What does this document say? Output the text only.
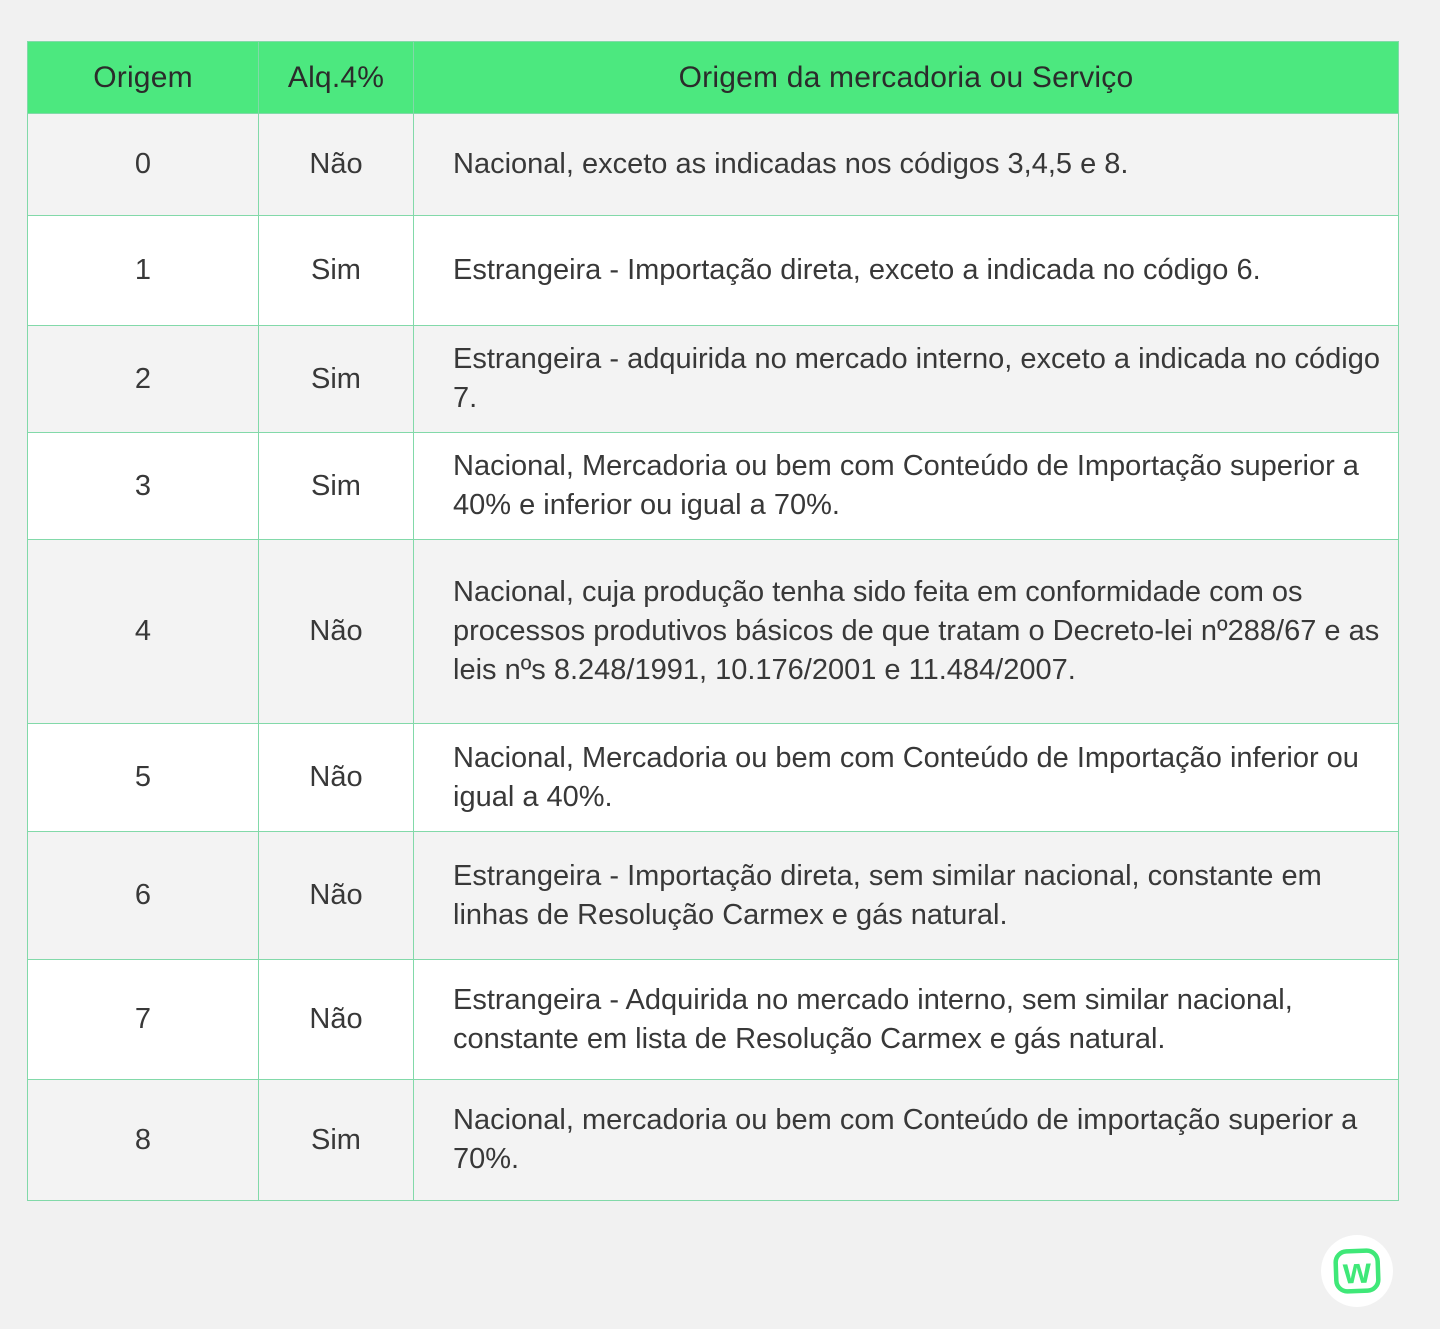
Origem	Alq.4%	Origem da mercadoria ou Serviço
0	Não	Nacional, exceto as indicadas nos códigos 3,4,5 e 8.
1	Sim	Estrangeira - Importação direta, exceto a indicada no código 6.
2	Sim	Estrangeira - adquirida no mercado interno, exceto a indicada no código 7.
3	Sim	Nacional, Mercadoria ou bem com Conteúdo de Importação superior a 40% e inferior ou igual a 70%.
4	Não	Nacional, cuja produção tenha sido feita em conformidade com os processos produtivos básicos de que tratam o Decreto-lei nº288/67 e as leis nºs 8.248/1991, 10.176/2001 e 11.484/2007.
5	Não	Nacional, Mercadoria ou bem com Conteúdo de Importação inferior ou igual a 40%.
6	Não	Estrangeira - Importação direta, sem similar nacional, constante em linhas de Resolução Carmex e gás natural.
7	Não	Estrangeira - Adquirida no mercado interno, sem similar nacional, constante em lista de Resolução Carmex e gás natural.
8	Sim	Nacional, mercadoria ou bem com Conteúdo de importação superior a 70%.
w
